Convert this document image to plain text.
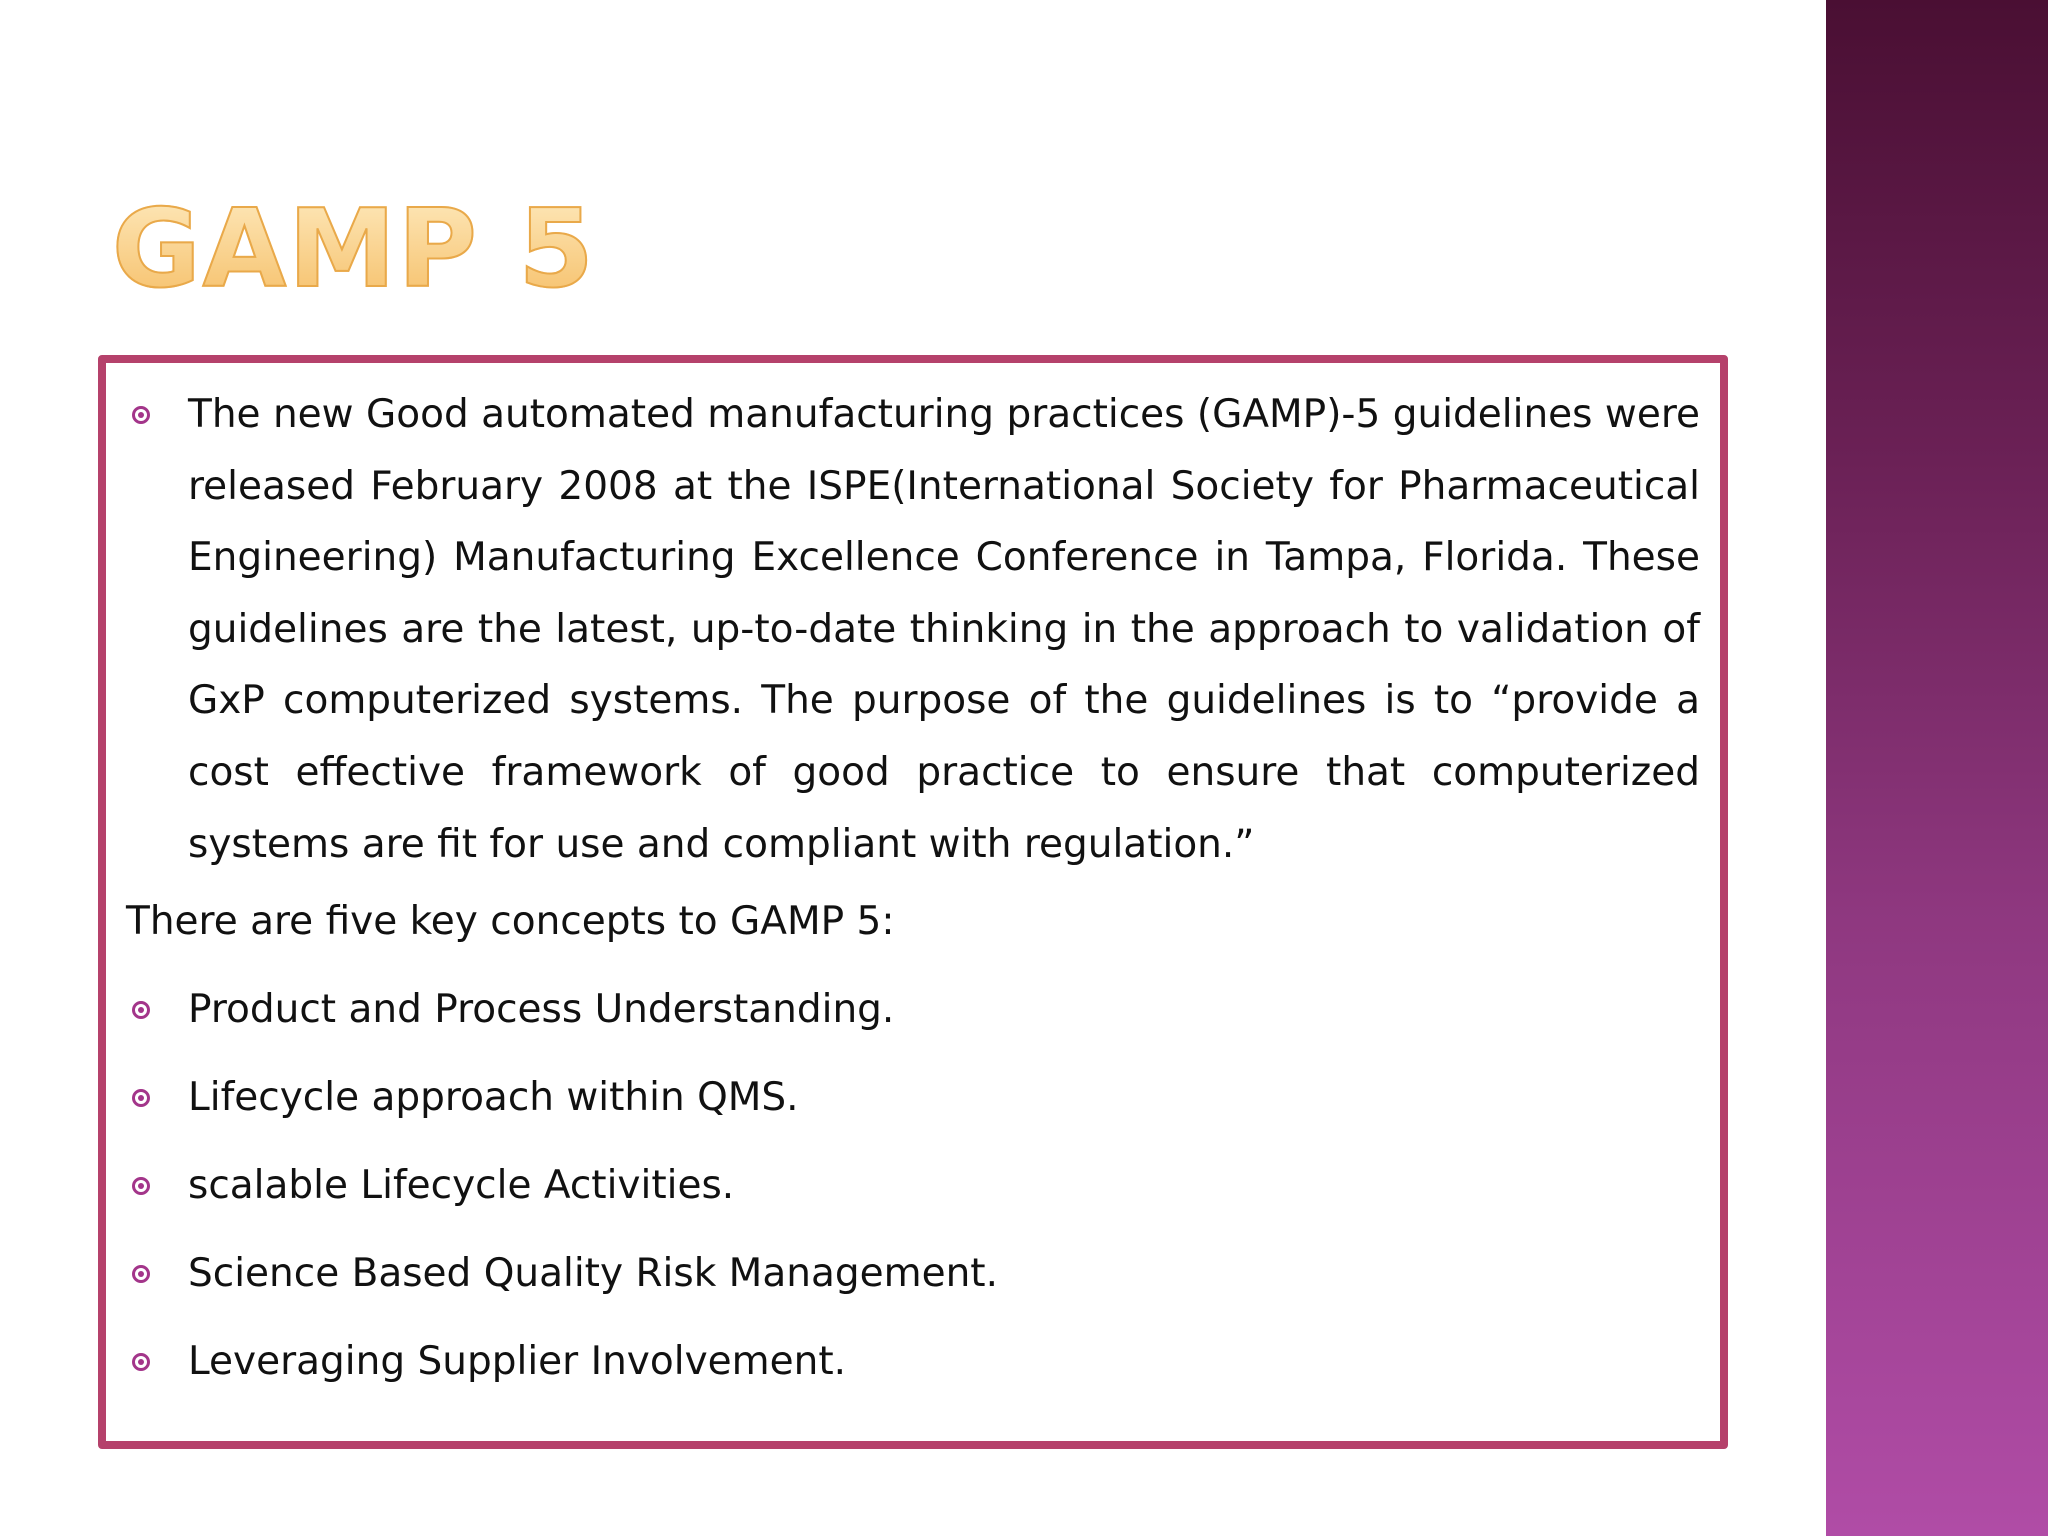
GAMP 5
The new Good automated manufacturing practices (GAMP)-5 guidelines were released February 2008 at the ISPE(International Society for Pharmaceutical Engineering) Manufacturing Excellence Conference in Tampa, Florida. These guidelines are the latest, up-to-date thinking in the approach to validation of GxP computerized systems. The purpose of the guidelines is to “provide a cost effective framework of good practice to ensure that computerized systems are fit for use and compliant with regulation.”
There are five key concepts to GAMP 5:
Product and Process Understanding.
Lifecycle approach within QMS.
scalable Lifecycle Activities.
Science Based Quality Risk Management.
Leveraging Supplier Involvement.
